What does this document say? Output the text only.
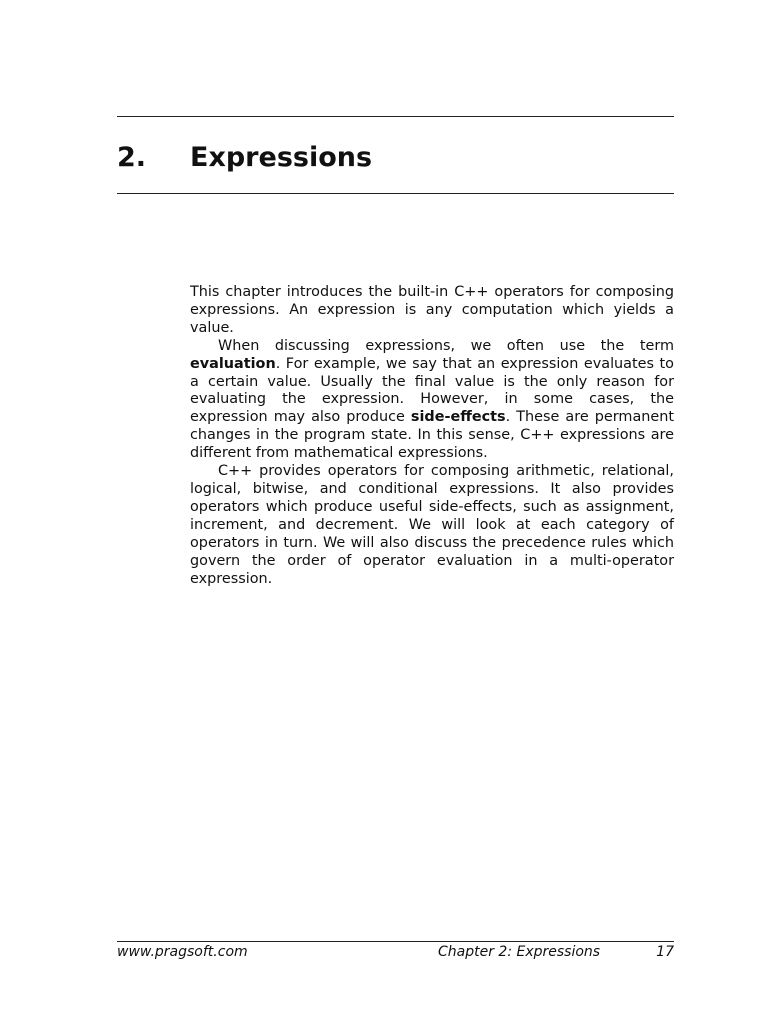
2. Expressions

This chapter introduces the built-in C++ operators for composing expressions. An expression is any computation which yields a value.

When discussing expressions, we often use the term evaluation. For example, we say that an expression evaluates to a certain value. Usually the final value is the only reason for evaluating the expression. However, in some cases, the expression may also produce side-effects. These are permanent changes in the program state. In this sense, C++ expressions are different from mathematical expressions.

C++ provides operators for composing arithmetic, relational, logical, bitwise, and conditional expressions. It also provides operators which produce useful side-effects, such as assignment, increment, and decrement. We will look at each category of operators in turn. We will also discuss the precedence rules which govern the order of operator evaluation in a multi-operator expression.

www.pragsoft.com	Chapter 2: Expressions	17
